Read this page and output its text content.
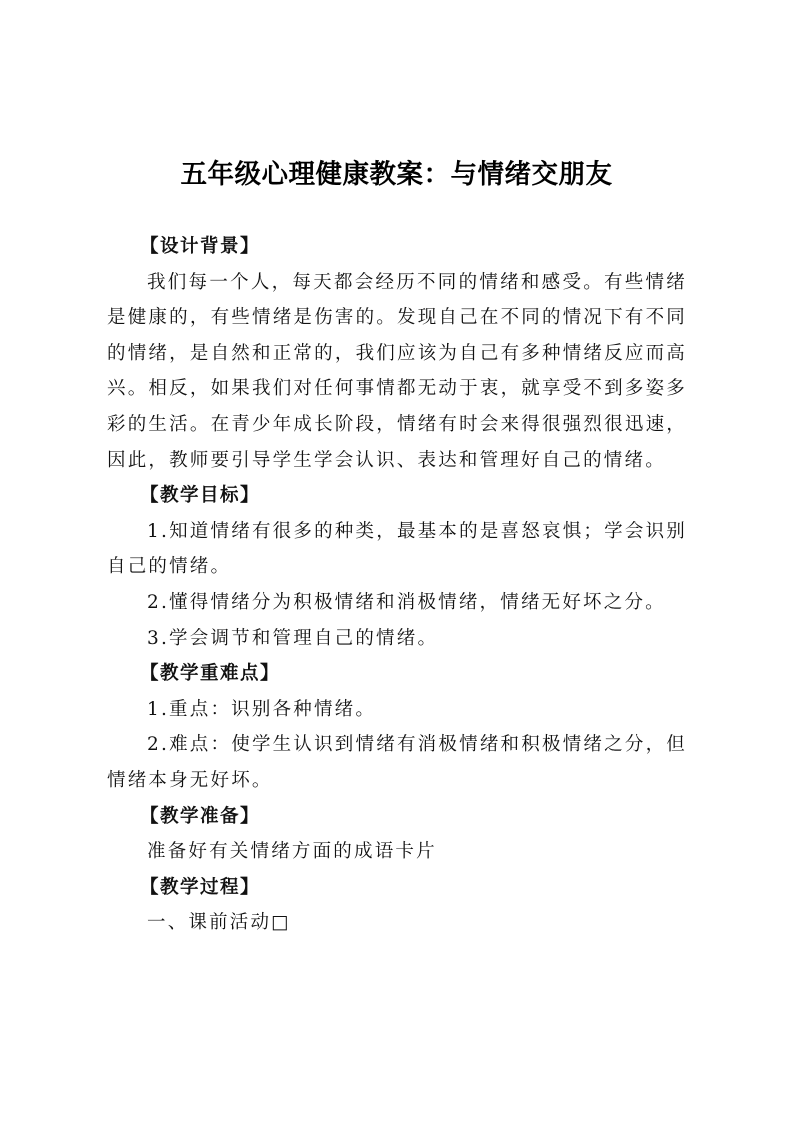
五年级心理健康教案：与情绪交朋友

【设计背景】

我们每一个人，每天都会经历不同的情绪和感受。有些情绪是健康的，有些情绪是伤害的。发现自己在不同的情况下有不同的情绪，是自然和正常的，我们应该为自己有多种情绪反应而高兴。相反，如果我们对任何事情都无动于衷，就享受不到多姿多彩的生活。在青少年成长阶段，情绪有时会来得很强烈很迅速，因此，教师要引导学生学会认识、表达和管理好自己的情绪。

【教学目标】

1.知道情绪有很多的种类，最基本的是喜怒哀惧；学会识别自己的情绪。

2.懂得情绪分为积极情绪和消极情绪，情绪无好坏之分。

3.学会调节和管理自己的情绪。

【教学重难点】

1.重点：识别各种情绪。

2.难点：使学生认识到情绪有消极情绪和积极情绪之分，但情绪本身无好坏。

【教学准备】

准备好有关情绪方面的成语卡片

【教学过程】

一、课前活动□
